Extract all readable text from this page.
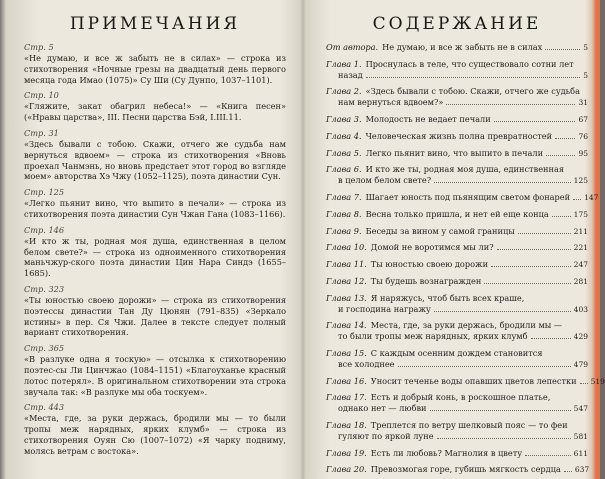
ПРИМЕЧАНИЯ
Стр. 5
«Не думаю, и все ж забыть не в силах» — строка из стихотворения «Ночные грезы на двадцатый день первого месяца года Имао (1075)» Су Ши (Су Дунпо, 1037–1101).
Стр. 10
«Гляжите, закат обагрил небеса!» — «Книга песен» («Нравы царства», III. Песни царства Бэй, I.III.11.
Стр. 31
«Здесь бывали с тобою. Скажи, отчего же судьба нам вернуться вдвоем» — строка из стихотворения «Вновь проехал Чанмэнь, но вновь предстает этот город во взгляде моем» авторства Хэ Чжу (1052–1125), поэта династии Сун.
Стр. 125
«Легко пьянит вино, что выпито в печали» — строка из стихотворения поэта династии Сун Чжан Гана (1083–1166).
Стр. 146
«И кто ж ты, родная моя душа, единственная в целом белом свете?» — строка из одноименного стихотворения маньчжур-ского поэта династии Цин Нара Синдэ (1655–1685).
Стр. 323
«Ты юностью своею дорожи» — строка из стихотворения поэтессы династии Тан Ду Цюнян (791–835) «Зеркало истины» в пер. Ся Чжи. Далее в тексте следует полный вариант стихотворения.
Стр. 365
«В разлуке одна я тоскую» — отсылка к стихотворению поэтес-сы Ли Цинчжао (1084–1151) «Благоуханье красный лотос потерял». В оригинальном стихотворении эта строка звучала так: «В разлуке мы оба тоскуем».
Стр. 443
«Места, где, за руки держась, бродили мы — то были тропы меж нарядных, ярких клумб» — строка из стихотворения Оуян Сю (1007–1072) «Я чарку подниму, молясь ветрам с востока».
СОДЕРЖАНИЕ
От автора. Не думаю, и все ж забыть не в силах	5
Глава 1. Проснулась в теле, что существовало сотни лет
назад	5
Глава 2. «Здесь бывали с тобою. Скажи, отчего же судьба
нам вернуться вдвоем?»	31
Глава 3. Молодость не ведает печали	67
Глава 4. Человеческая жизнь полна превратностей	76
Глава 5. Легко пьянит вино, что выпито в печали	95
Глава 6. И кто же ты, родная моя душа, единственная
в целом белом свете?	125
Глава 7. Шагает юность под пьянящим светом фонарей 147
Глава 8. Весна только пришла, и нет ей еще конца	175
Глава 9. Беседы за вином у самой границы	211
Глава 10. Домой не воротимся мы ли?	221
Глава 11. Ты юностью своею дорожи	247
Глава 12. Ты будешь вознагражден	281
Глава 13. Я наряжусь, чтоб быть всех краше,
и господина награжу	403
Глава 14. Места, где, за руки держась, бродили мы —
то были тропы меж нарядных, ярких клумб	429
Глава 15. С каждым осенним дождем становится
все холоднее	479
Глава 16. Уносит теченье воды опавших цветов лепестки 519
Глава 17. Есть и добрый конь, в роскошное платье,
однако нет — любви	547
Глава 18. Треплется по ветру шелковый пояс — то феи
гуляют по яркой луне	581
Глава 19. Есть ли любовь? Магнолия в цвету	611
Глава 20. Превозмогая горе, губишь мягкость сердца 637
